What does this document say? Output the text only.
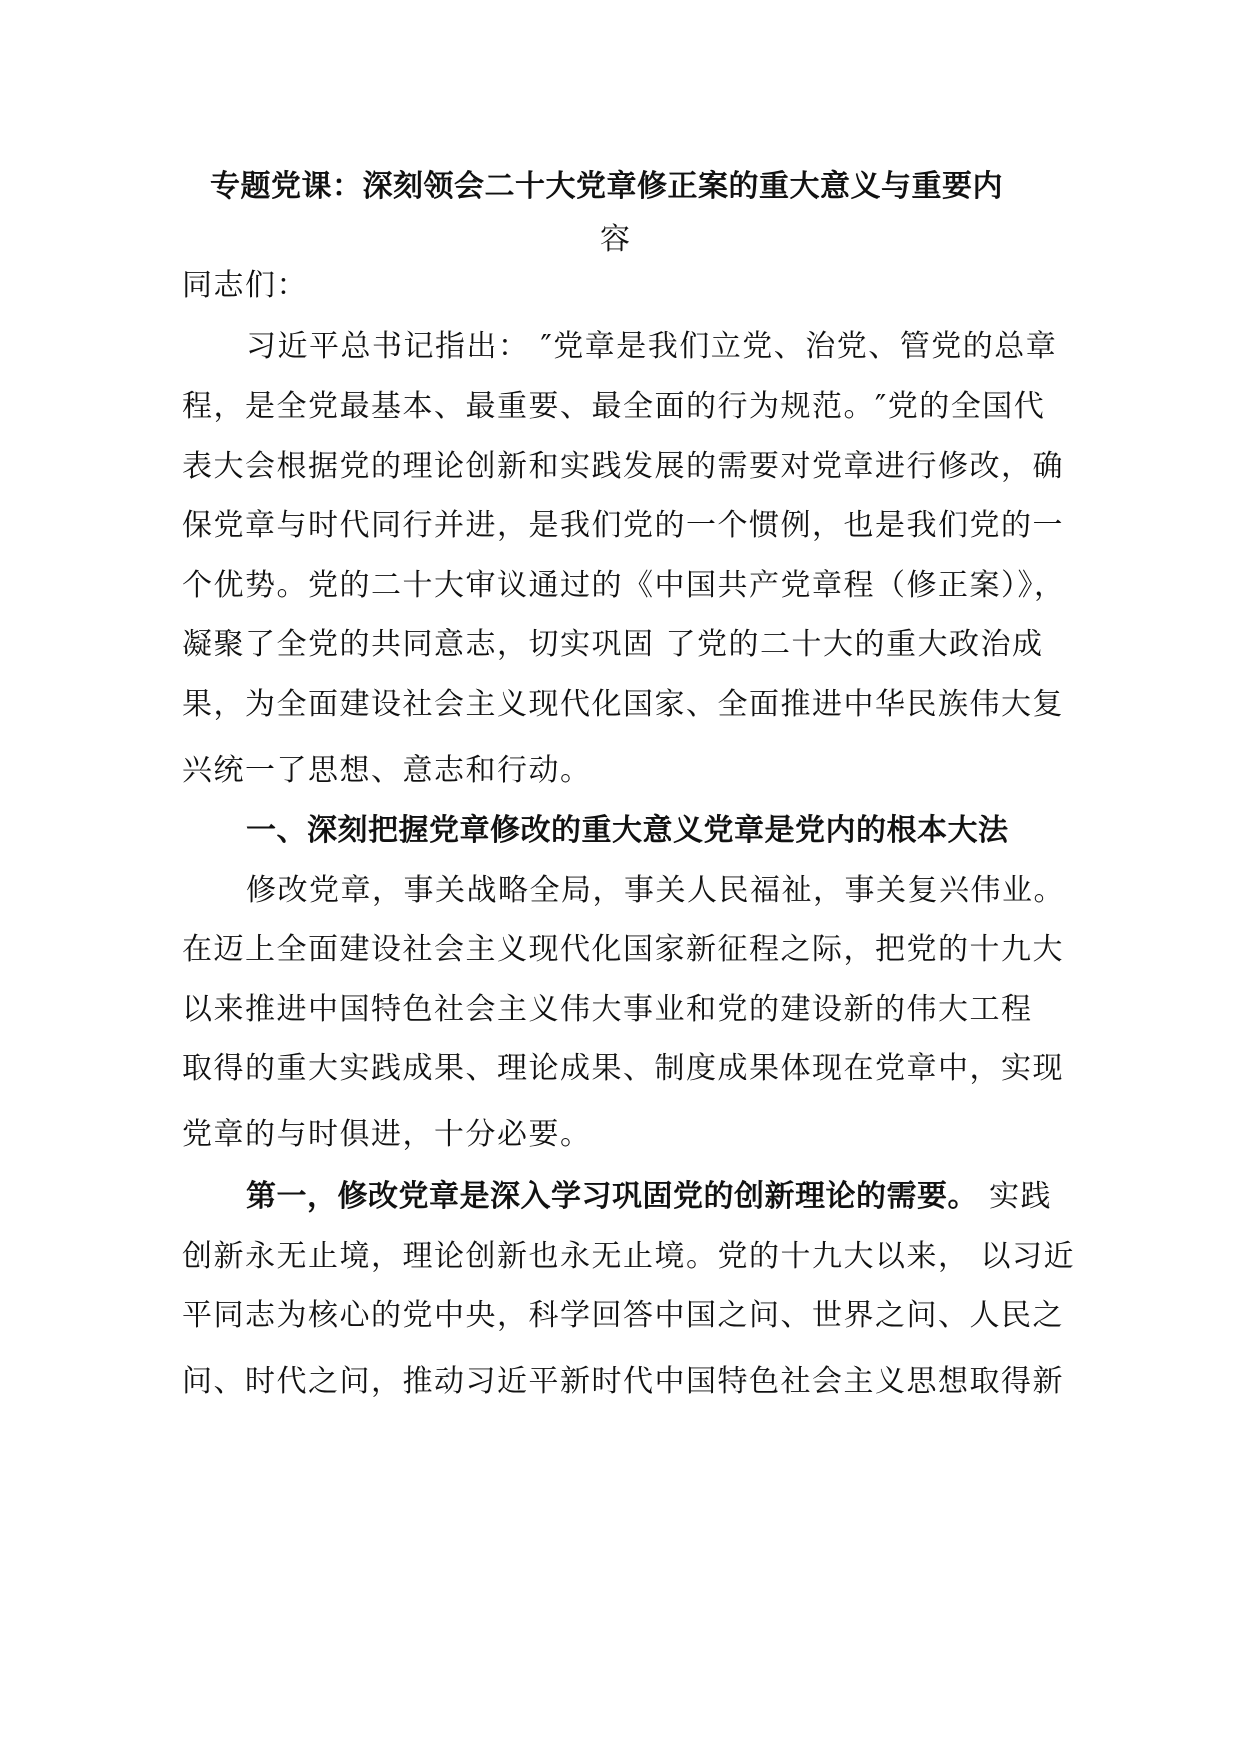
专题党课：深刻领会二十大党章修正案的重大意义与重要内
容
同志们：
习近平总书记指出： ″党章是我们立党、治党、管党的总章
程，是全党最基本、最重要、最全面的行为规范。″党的全国代
表大会根据党的理论创新和实践发展的需要对党章进行修改，确
保党章与时代同行并进，是我们党的一个惯例，也是我们党的一
个优势。党的二十大审议通过的《中国共产党章程（修正案）》，
凝聚了全党的共同意志，切实巩固 了党的二十大的重大政治成
果，为全面建设社会主义现代化国家、全面推进中华民族伟大复
兴统一了思想、意志和行动。
一、深刻把握党章修改的重大意义党章是党内的根本大法
修改党章，事关战略全局，事关人民福祉，事关复兴伟业。
在迈上全面建设社会主义现代化国家新征程之际，把党的十九大
以来推进中国特色社会主义伟大事业和党的建设新的伟大工程
取得的重大实践成果、理论成果、制度成果体现在党章中，实现
党章的与时俱进，十分必要。
第一，修改党章是深入学习巩固党的创新理论的需要。 实践
创新永无止境，理论创新也永无止境。党的十九大以来， 以习近
平同志为核心的党中央，科学回答中国之问、世界之问、人民之
问、时代之问，推动习近平新时代中国特色社会主义思想取得新
